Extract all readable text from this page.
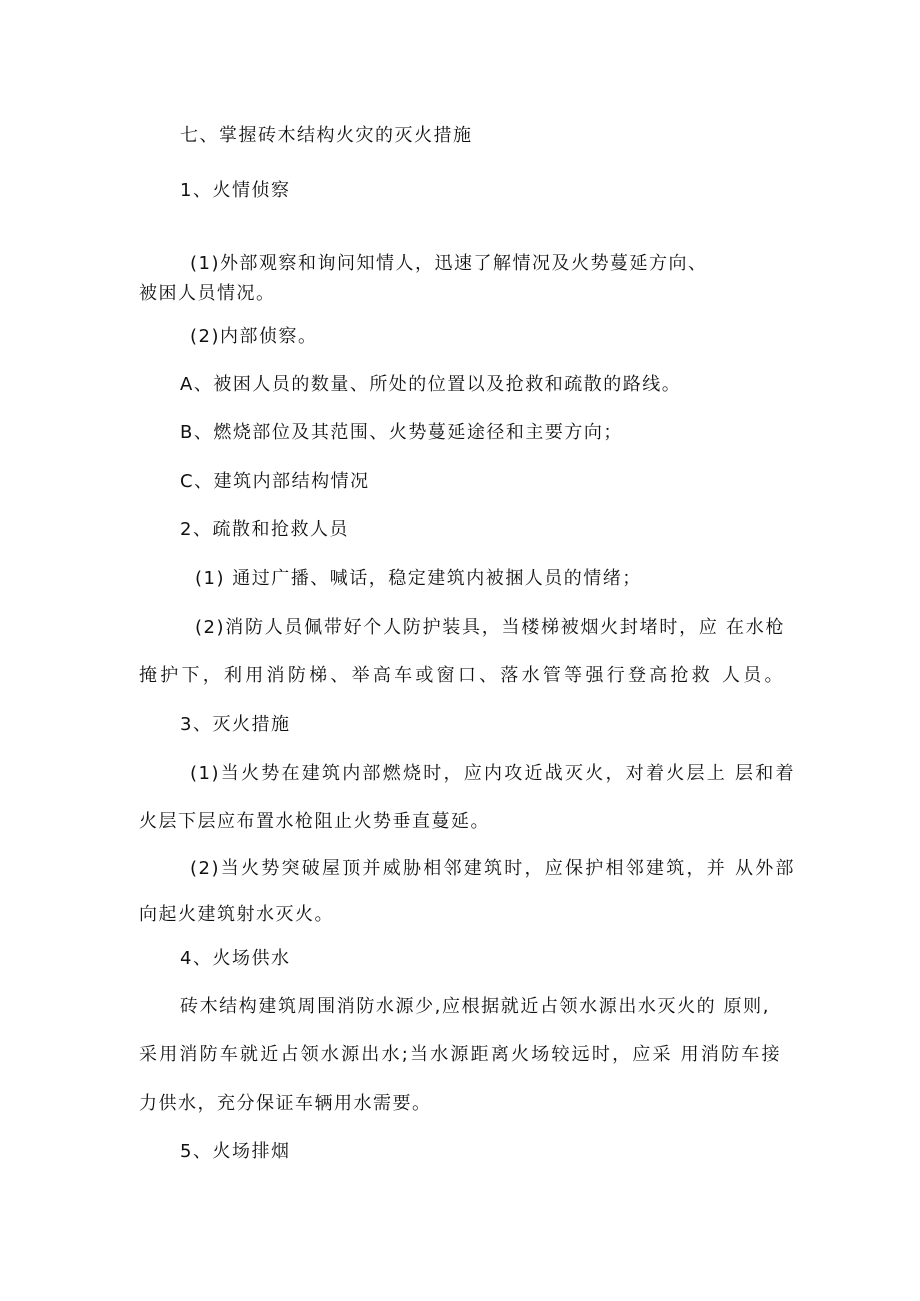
七、掌握砖木结构火灾的灭火措施
1、火情侦察
(1)外部观察和询问知情人，迅速了解情况及火势蔓延方向、
被困人员情况。
(2)内部侦察。
A、被困人员的数量、所处的位置以及抢救和疏散的路线。
B、燃烧部位及其范围、火势蔓延途径和主要方向；
C、建筑内部结构情况
2、疏散和抢救人员
(1) 通过广播、喊话，稳定建筑内被捆人员的情绪；
(2)消防人员佩带好个人防护装具，当楼梯被烟火封堵时，应 在水枪
掩护下，利用消防梯、举高车或窗口、落水管等强行登高抢救 人员。
3、灭火措施
(1)当火势在建筑内部燃烧时，应内攻近战灭火，对着火层上 层和着
火层下层应布置水枪阻止火势垂直蔓延。
(2)当火势突破屋顶并威胁相邻建筑时，应保护相邻建筑，并 从外部
向起火建筑射水灭火。
4、火场供水
砖木结构建筑周围消防水源少,应根据就近占领水源出水灭火的 原则,
采用消防车就近占领水源出水;当水源距离火场较远时，应采 用消防车接
力供水，充分保证车辆用水需要。
5、火场排烟
